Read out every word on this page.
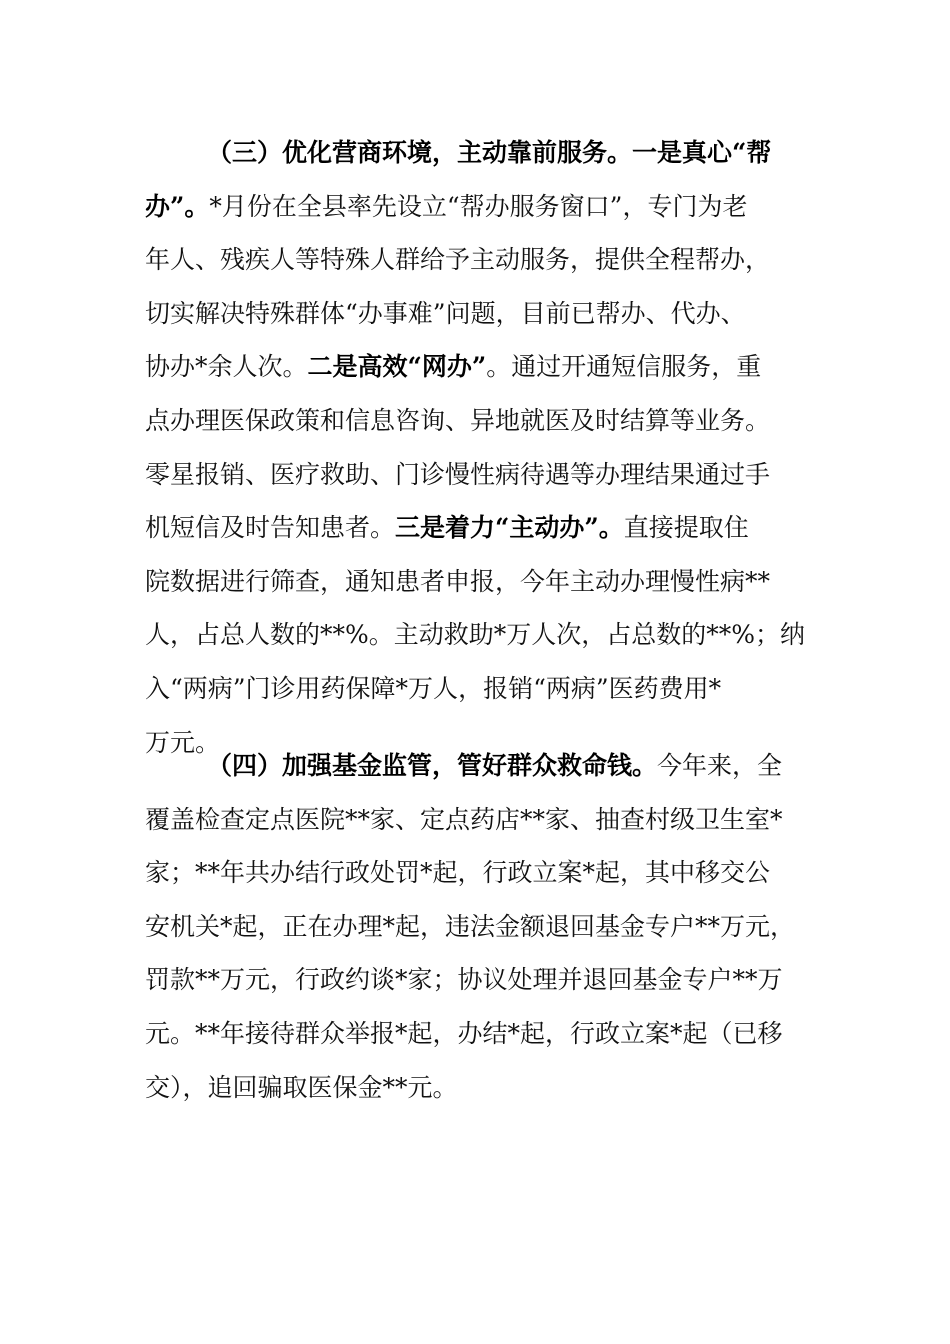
（三）优化营商环境，主动靠前服务。一是真心“帮
办”。*月份在全县率先设立“帮办服务窗口”，专门为老
年人、残疾人等特殊人群给予主动服务，提供全程帮办，
切实解决特殊群体“办事难”问题，目前已帮办、代办、
协办*余人次。二是高效“网办”。通过开通短信服务，重
点办理医保政策和信息咨询、异地就医及时结算等业务。
零星报销、医疗救助、门诊慢性病待遇等办理结果通过手
机短信及时告知患者。三是着力“主动办”。直接提取住
院数据进行筛查，通知患者申报，今年主动办理慢性病**
人，占总人数的**%。主动救助*万人次，占总数的**%；纳
入“两病”门诊用药保障*万人，报销“两病”医药费用*
万元。
（四）加强基金监管，管好群众救命钱。今年来，全
覆盖检查定点医院**家、定点药店**家、抽查村级卫生室*
家；**年共办结行政处罚*起，行政立案*起，其中移交公
安机关*起，正在办理*起，违法金额退回基金专户**万元，
罚款**万元，行政约谈*家；协议处理并退回基金专户**万
元。**年接待群众举报*起，办结*起，行政立案*起（已移
交），追回骗取医保金**元。
